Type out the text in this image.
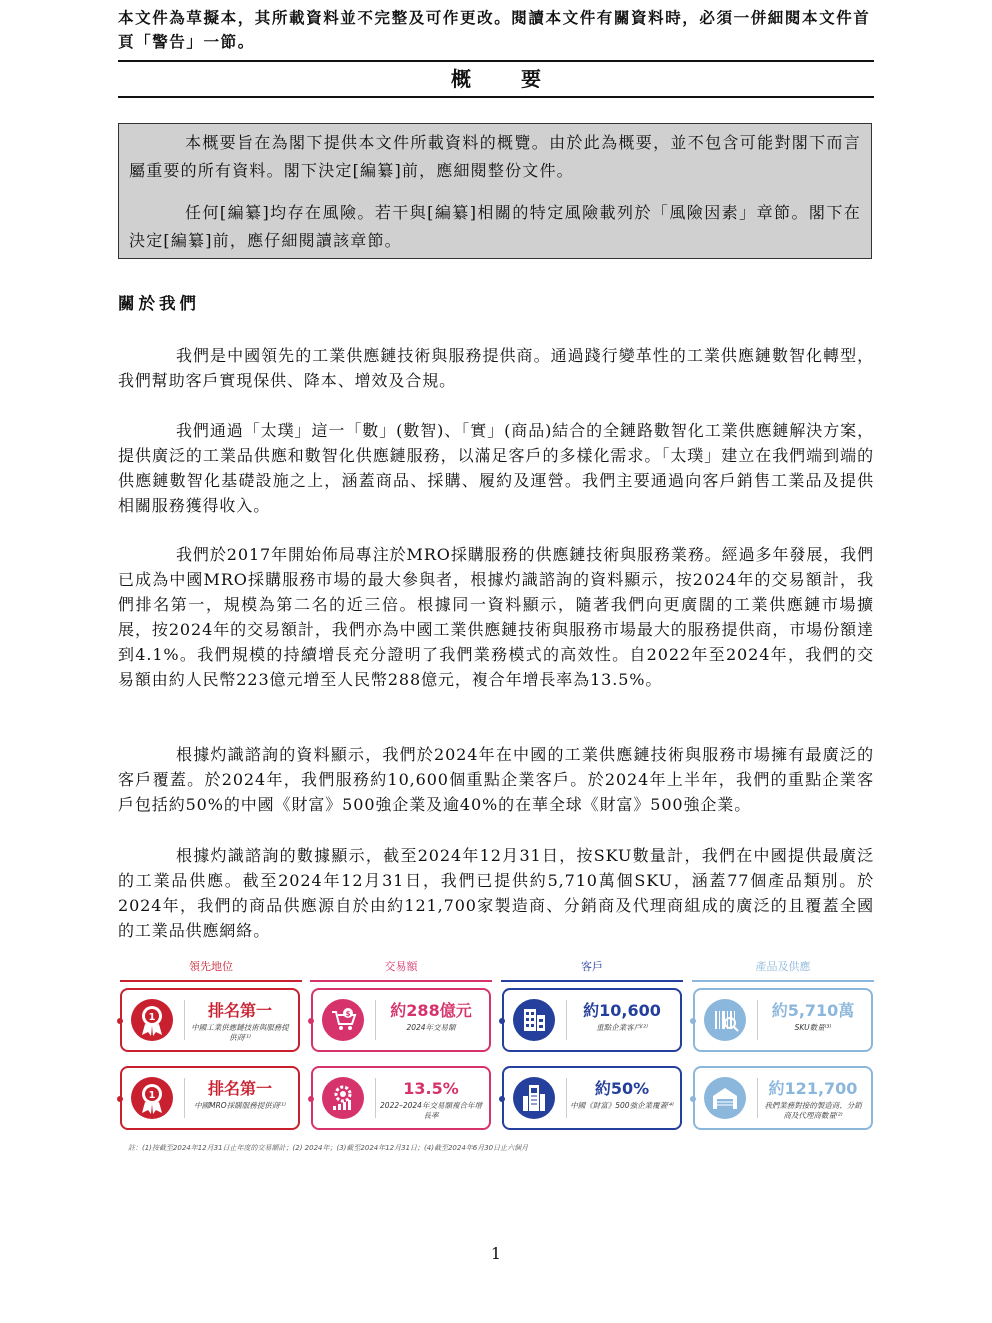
本文件為草擬本，其所載資料並不完整及可作更改。閱讀本文件有關資料時，必須一併細閱本文件首頁「警告」一節。
概要

本概要旨在為閣下提供本文件所載資料的概覽。由於此為概要，並不包含可能對閣下而言屬重要的所有資料。閣下決定[編纂]前，應細閱整份文件。

任何[編纂]均存在風險。若干與[編纂]相關的特定風險載列於「風險因素」章節。閣下在決定[編纂]前，應仔細閱讀該章節。

關於我們

我們是中國領先的工業供應鏈技術與服務提供商。通過踐行變革性的工業供應鏈數智化轉型，我們幫助客戶實現保供、降本、增效及合規。

我們通過「太璞」這一「數」(數智)、「實」(商品)結合的全鏈路數智化工業供應鏈解決方案，提供廣泛的工業品供應和數智化供應鏈服務，以滿足客戶的多樣化需求。「太璞」建立在我們端到端的供應鏈數智化基礎設施之上，涵蓋商品、採購、履約及運營。我們主要通過向客戶銷售工業品及提供相關服務獲得收入。

我們於2017年開始佈局專注於MRO採購服務的供應鏈技術與服務業務。經過多年發展，我們已成為中國MRO採購服務市場的最大參與者，根據灼識諮詢的資料顯示，按2024年的交易額計，我們排名第一，規模為第二名的近三倍。根據同一資料顯示，隨著我們向更廣闊的工業供應鏈市場擴展，按2024年的交易額計，我們亦為中國工業供應鏈技術與服務市場最大的服務提供商，市場份額達到4.1%。我們規模的持續增長充分證明了我們業務模式的高效性。自2022年至2024年，我們的交易額由約人民幣223億元增至人民幣288億元，複合年增長率為13.5%。

根據灼識諮詢的資料顯示，我們於2024年在中國的工業供應鏈技術與服務市場擁有最廣泛的客戶覆蓋。於2024年，我們服務約10,600個重點企業客戶。於2024年上半年，我們的重點企業客戶包括約50%的中國《財富》500強企業及逾40%的在華全球《財富》500強企業。

根據灼識諮詢的數據顯示，截至2024年12月31日，按SKU數量計，我們在中國提供最廣泛的工業品供應。截至2024年12月31日，我們已提供約5,710萬個SKU，涵蓋77個產品類別。於2024年，我們的商品供應源自於由約121,700家製造商、分銷商及代理商組成的廣泛的且覆蓋全國的工業品供應網絡。

領先地位	交易額	客戶	產品及供應
1	排名第一
中國工業供應鏈技術與服務提供商⁽¹⁾
$	約288億元
2024年交易額
約10,600
重點企業客戶⁽²⁾
約5,710萬
SKU數量⁽³⁾
1	排名第一
中國MRO採購服務提供商⁽¹⁾
13.5%
2022–2024年交易額複合年增長率
約50%
中國《財富》500強企業覆蓋⁽⁴⁾
約121,700
我們業務對接的製造商、分銷商及代理商數量⁽²⁾
註：(1)按截至2024年12月31日止年度的交易額計；(2) 2024年；(3)截至2024年12月31日；(4)截至2024年6月30日止六個月
1
